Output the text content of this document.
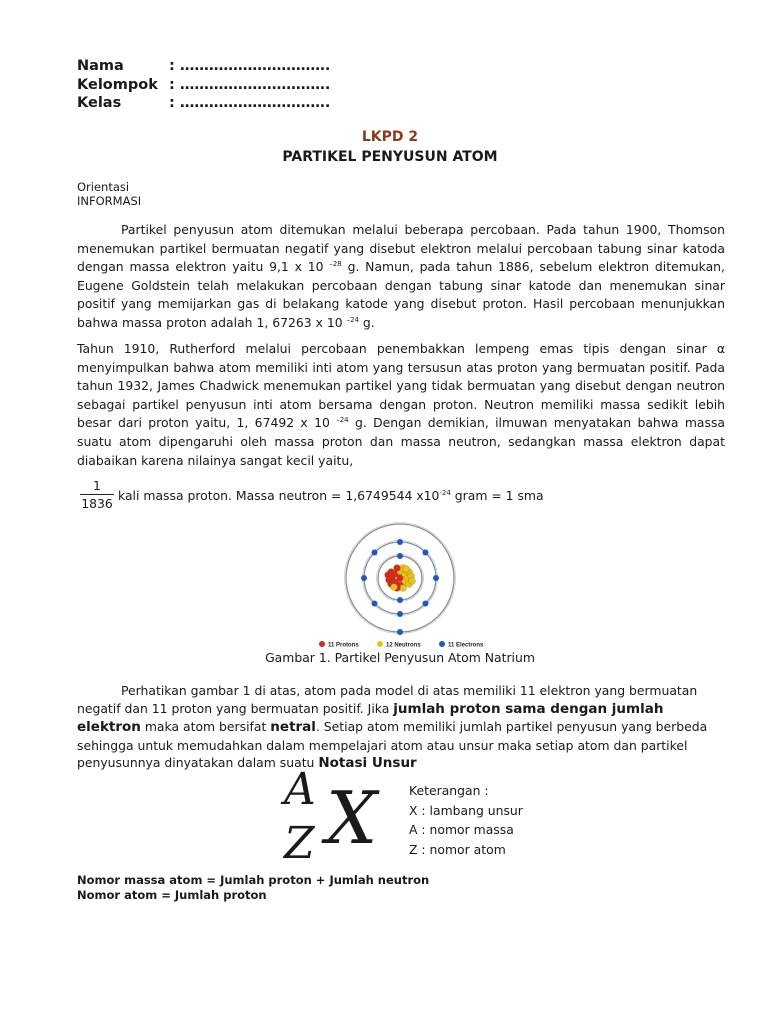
Nama	: ………………………….
Kelompok : ………………………….
Kelas	: ………………………….
LKPD 2
PARTIKEL PENYUSUN ATOM
Orientasi
INFORMASI
Partikel penyusun atom ditemukan melalui beberapa percobaan. Pada tahun 1900, Thomson menemukan partikel bermuatan negatif yang disebut elektron melalui percobaan tabung sinar katoda dengan massa elektron yaitu 9,1 x 10 $^{-28}$ g. Namun, pada tahun 1886, sebelum elektron ditemukan, Eugene Goldstein telah melakukan percobaan dengan tabung sinar katode dan menemukan sinar positif yang memijarkan gas di belakang katode yang disebut proton. Hasil percobaan menunjukkan bahwa massa proton adalah 1, 67263 x 10 $^{-24}$ g.
Tahun 1910, Rutherford melalui percobaan penembakkan lempeng emas tipis dengan sinar α menyimpulkan bahwa atom memiliki inti atom yang tersusun atas proton yang bermuatan positif. Pada tahun 1932, James Chadwick menemukan partikel yang tidak bermuatan yang disebut dengan neutron sebagai partikel penyusun inti atom bersama dengan proton. Neutron memiliki massa sedikit lebih besar dari proton yaitu, 1, 67492 x 10 $^{-24}$ g. Dengan demikian, ilmuwan menyatakan bahwa massa suatu atom dipengaruhi oleh massa proton dan massa neutron, sedangkan massa elektron dapat diabaikan karena nilainya sangat kecil yaitu,
$\frac{1}{1836}$ kali massa proton. Massa neutron = 1,6749544 $x10^{-24}$ gram = 1 sma
11 Protons	12 Neutrons	11 Electrons
Gambar 1. Partikel Penyusun Atom Natrium
Perhatikan gambar 1 di atas, atom pada model di atas memiliki 11 elektron yang bermuatan negatif dan 11 proton yang bermuatan positif. Jika jumlah proton sama dengan jumlah elektron maka atom bersifat netral. Setiap atom memiliki jumlah partikel penyusun yang berbeda sehingga untuk memudahkan dalam mempelajari atom atau unsur maka setiap atom dan partikel penyusunnya dinyatakan dalam suatu Notasi Unsur
A
Z X	Keterangan :
X : lambang unsur
A : nomor massa
Z : nomor atom
Nomor massa atom = Jumlah proton + Jumlah neutron
Nomor atom = Jumlah proton
